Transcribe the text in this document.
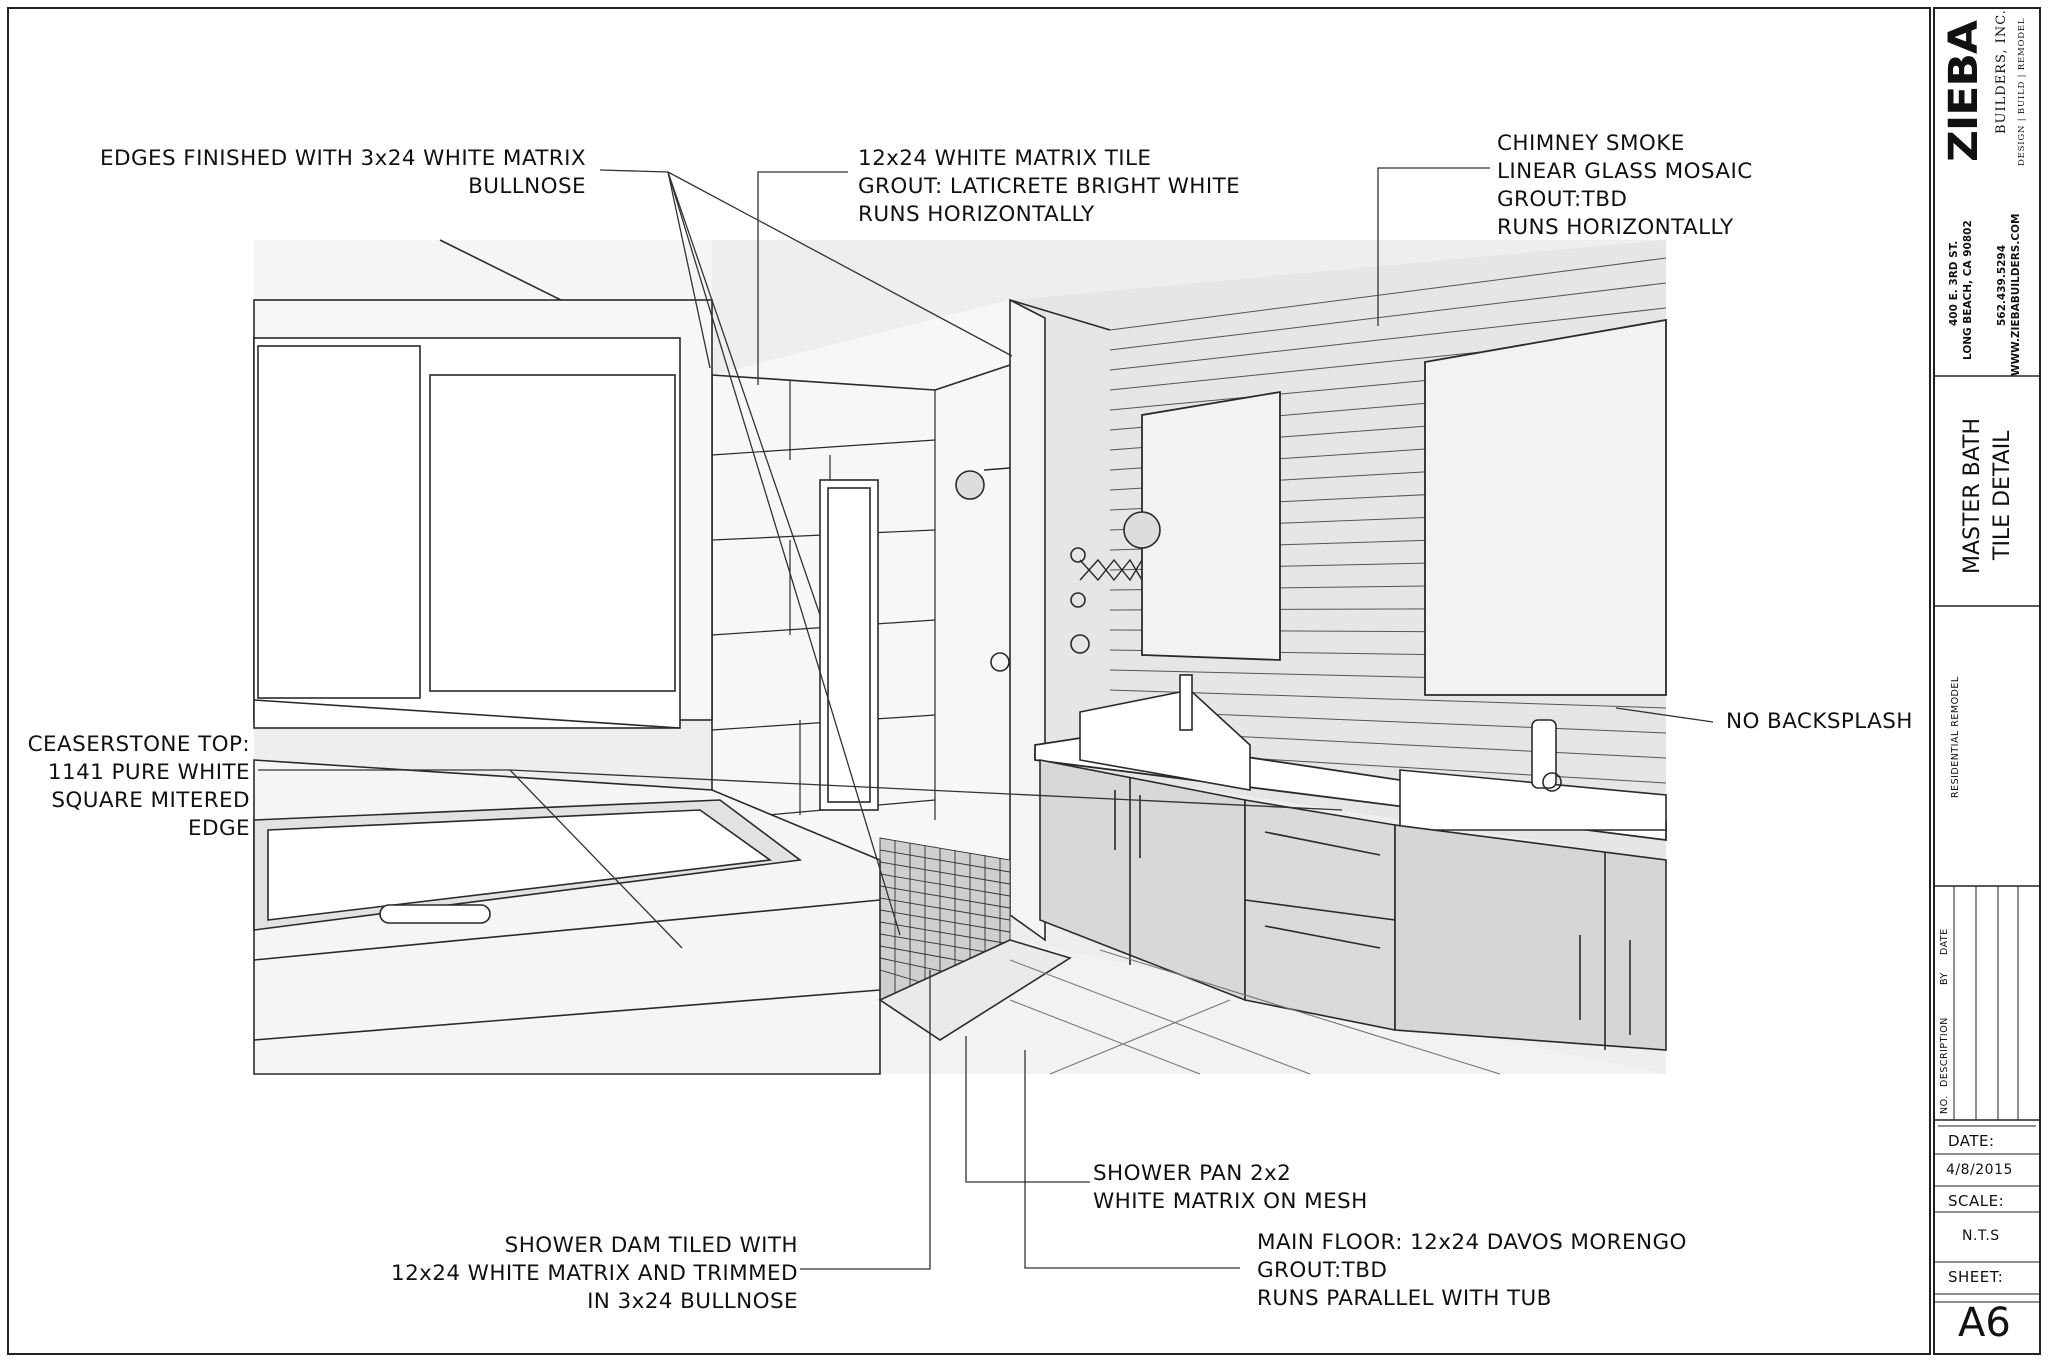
EDGES FINISHED WITH 3x24 WHITE MATRIX
BULLNOSE
12x24 WHITE MATRIX TILE
GROUT: LATICRETE BRIGHT WHITE
RUNS HORIZONTALLY
CHIMNEY SMOKE
LINEAR GLASS MOSAIC
GROUT:TBD
RUNS HORIZONTALLY
CEASERSTONE TOP:
1141 PURE WHITE
SQUARE MITERED
EDGE
NO BACKSPLASH
SHOWER PAN 2x2
WHITE MATRIX ON MESH
SHOWER DAM TILED WITH
12x24 WHITE MATRIX AND TRIMMED
IN 3x24 BULLNOSE
MAIN FLOOR: 12x24 DAVOS MORENGO
GROUT:TBD
RUNS PARALLEL WITH TUB
ZIEBA BUILDERS, INC. DESIGN | BUILD | REMODEL
400 E. 3RD ST. LONG BEACH, CA 90802 562.439.5294 WWW.ZIEBABUILDERS.COM
MASTER BATH TILE DETAIL
RESIDENTIAL REMODEL
NO.
DESCRIPTION
BY
DATE
DATE:
4/8/2015
SCALE:
N.T.S
SHEET:
A6
